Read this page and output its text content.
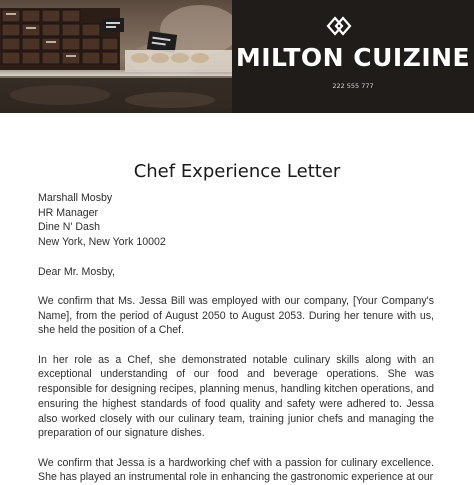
MILTON CUIZINE
222 555 777
Chef Experience Letter
Marshall Mosby
HR Manager
Dine N' Dash
New York, New York 10002
Dear Mr. Mosby,
We confirm that Ms. Jessa Bill was employed with our company, [Your Company's Name], from the period of August 2050 to August 2053. During her tenure with us, she held the position of a Chef.
In her role as a Chef, she demonstrated notable culinary skills along with an exceptional understanding of our food and beverage operations. She was responsible for designing recipes, planning menus, handling kitchen operations, and ensuring the highest standards of food quality and safety were adhered to. Jessa also worked closely with our culinary team, training junior chefs and managing the preparation of our signature dishes.
We confirm that Jessa is a hardworking chef with a passion for culinary excellence. She has played an instrumental role in enhancing the gastronomic experience at our
